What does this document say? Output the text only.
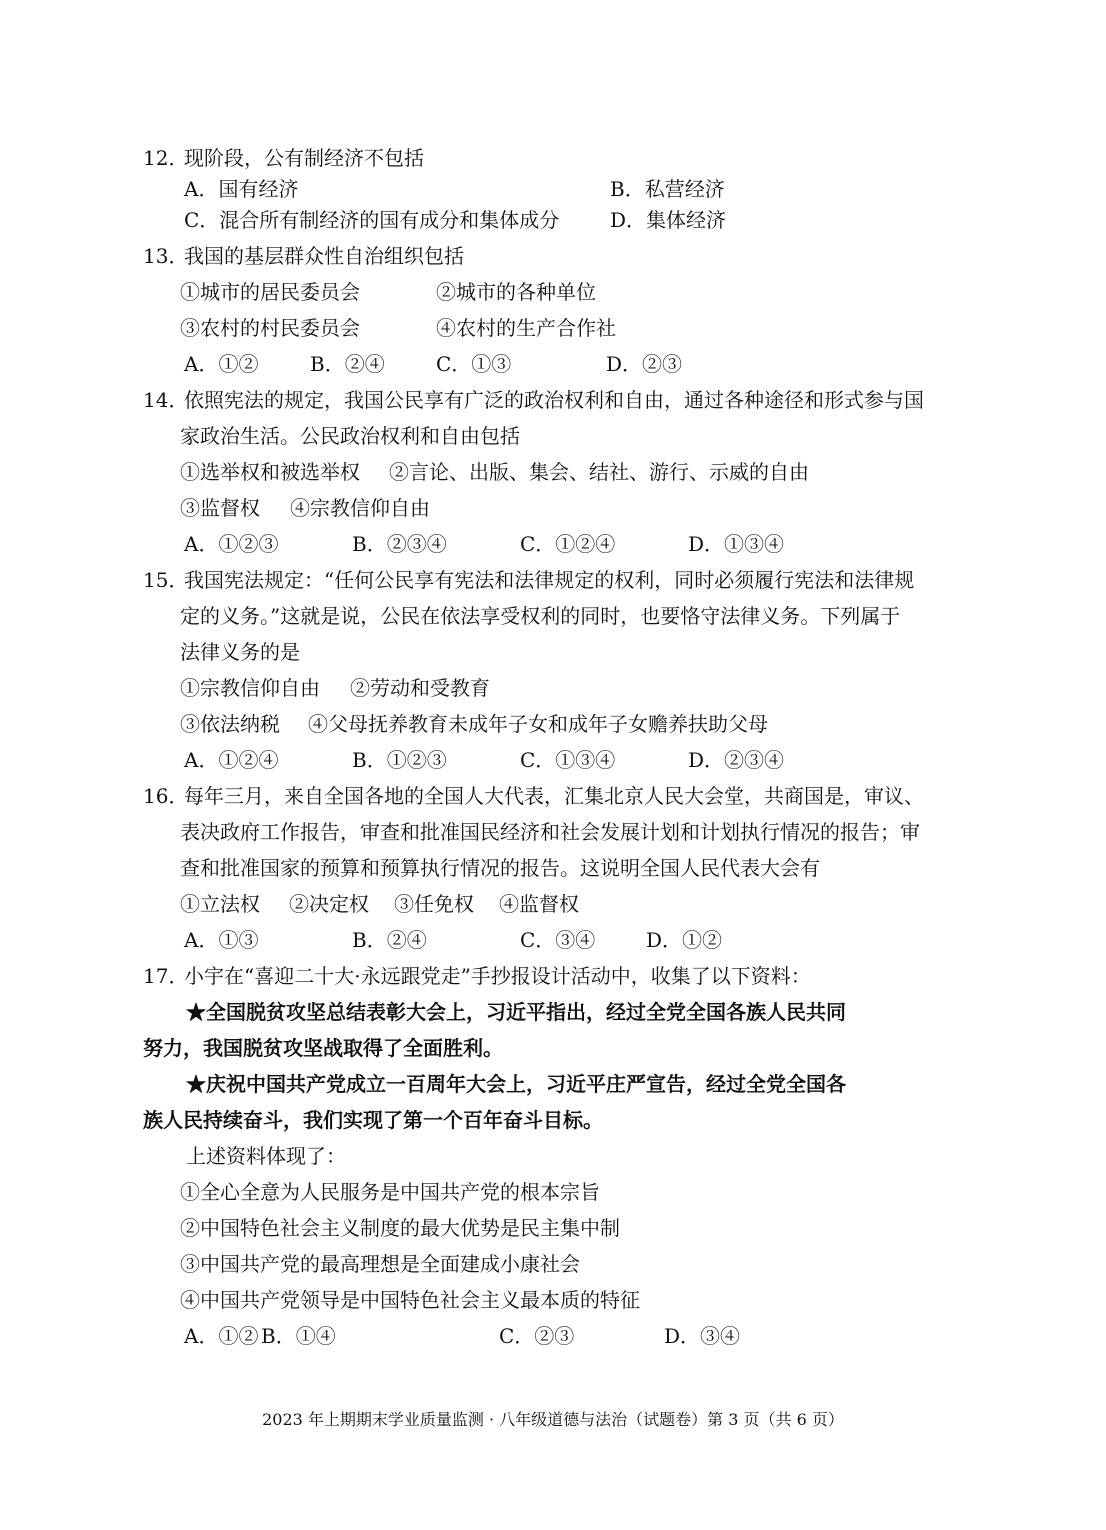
12．
现阶段，公有制经济不包括
A．国有经济	B．私营经济
C．混合所有制经济的国有成分和集体成分	D．集体经济
13．
我国的基层群众性自治组织包括
①城市的居民委员会	②城市的各种单位
③农村的村民委员会	④农村的生产合作社
A．①②	B．②④	C．①③	D．②③
14．
依照宪法的规定，我国公民享有广泛的政治权利和自由，通过各种途径和形式参与国
家政治生活。公民政治权利和自由包括
①选举权和被选举权 ②言论、出版、集会、结社、游行、示威的自由
③监督权 ④宗教信仰自由
A．①②③	B．②③④	C．①②④	D．①③④
15．
我国宪法规定：“任何公民享有宪法和法律规定的权利，同时必须履行宪法和法律规
定的义务。”这就是说，公民在依法享受权利的同时，也要恪守法律义务。下列属于
法律义务的是
①宗教信仰自由 ②劳动和受教育
③依法纳税 ④父母抚养教育未成年子女和成年子女赡养扶助父母
A．①②④	B．①②③	C．①③④	D．②③④
16．
每年三月，来自全国各地的全国人大代表，汇集北京人民大会堂，共商国是，审议、
表决政府工作报告，审查和批准国民经济和社会发展计划和计划执行情况的报告；审
查和批准国家的预算和预算执行情况的报告。这说明全国人民代表大会有
①立法权 ②决定权 ③任免权 ④监督权
A．①③	B．②④	C．③④	D．①②
17．
小宇在“喜迎二十大·永远跟党走”手抄报设计活动中，收集了以下资料：
★全国脱贫攻坚总结表彰大会上，习近平指出，经过全党全国各族人民共同
努力，我国脱贫攻坚战取得了全面胜利。
★庆祝中国共产党成立一百周年大会上，习近平庄严宣告，经过全党全国各
族人民持续奋斗，我们实现了第一个百年奋斗目标。
上述资料体现了：
①全心全意为人民服务是中国共产党的根本宗旨
②中国特色社会主义制度的最大优势是民主集中制
③中国共产党的最高理想是全面建成小康社会
④中国共产党领导是中国特色社会主义最本质的特征
A．①② B．①④	C．②③	D．③④
2023 年上期期末学业质量监测 · 八年级道德与法治（试题卷）第 3 页（共 6 页）
